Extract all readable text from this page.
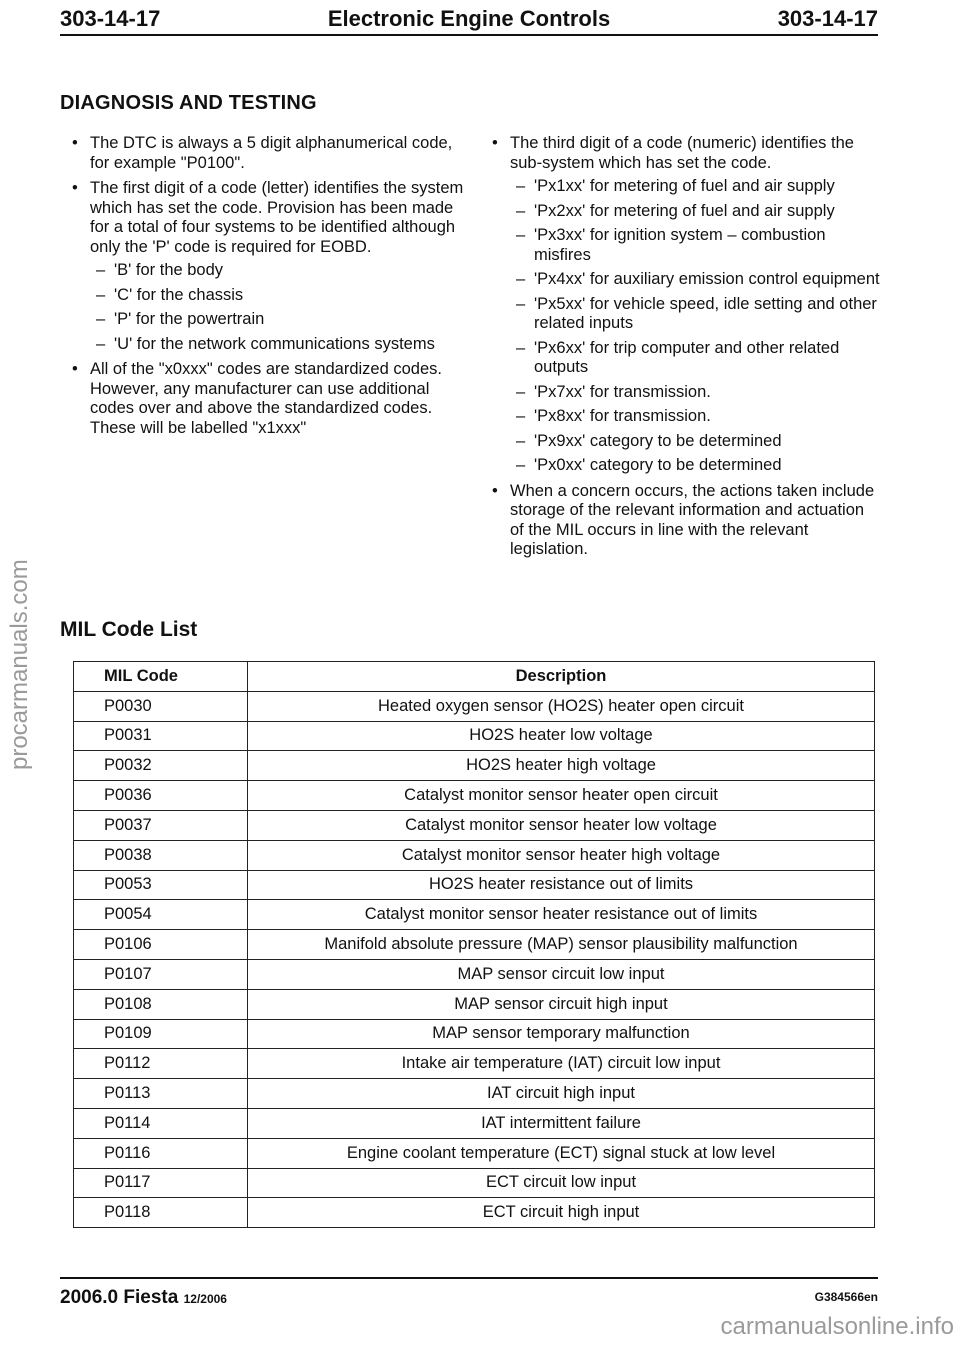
303-14-17	Electronic Engine Controls	303-14-17
DIAGNOSIS AND TESTING
• The DTC is always a 5 digit alphanumerical code, for example "P0100".
• The first digit of a code (letter) identifies the system which has set the code. Provision has been made for a total of four systems to be identified although only the 'P' code is required for EOBD.
– 'B' for the body
– 'C' for the chassis
– 'P' for the powertrain
– 'U' for the network communications systems
• All of the "x0xxx" codes are standardized codes. However, any manufacturer can use additional codes over and above the standardized codes. These will be labelled "x1xxx"
• The third digit of a code (numeric) identifies the sub-system which has set the code.
– 'Px1xx' for metering of fuel and air supply
– 'Px2xx' for metering of fuel and air supply
– 'Px3xx' for ignition system – combustion misfires
– 'Px4xx' for auxiliary emission control equipment
– 'Px5xx' for vehicle speed, idle setting and other related inputs
– 'Px6xx' for trip computer and other related outputs
– 'Px7xx' for transmission.
– 'Px8xx' for transmission.
– 'Px9xx' category to be determined
– 'Px0xx' category to be determined
• When a concern occurs, the actions taken include storage of the relevant information and actuation of the MIL occurs in line with the relevant legislation.
MIL Code List
MIL Code	Description
P0030	Heated oxygen sensor (HO2S) heater open circuit
P0031	HO2S heater low voltage
P0032	HO2S heater high voltage
P0036	Catalyst monitor sensor heater open circuit
P0037	Catalyst monitor sensor heater low voltage
P0038	Catalyst monitor sensor heater high voltage
P0053	HO2S heater resistance out of limits
P0054	Catalyst monitor sensor heater resistance out of limits
P0106	Manifold absolute pressure (MAP) sensor plausibility malfunction
P0107	MAP sensor circuit low input
P0108	MAP sensor circuit high input
P0109	MAP sensor temporary malfunction
P0112	Intake air temperature (IAT) circuit low input
P0113	IAT circuit high input
P0114	IAT intermittent failure
P0116	Engine coolant temperature (ECT) signal stuck at low level
P0117	ECT circuit low input
P0118	ECT circuit high input
2006.0 Fiesta 12/2006	G384566en
procarmanuals.com
carmanualsonline.info
